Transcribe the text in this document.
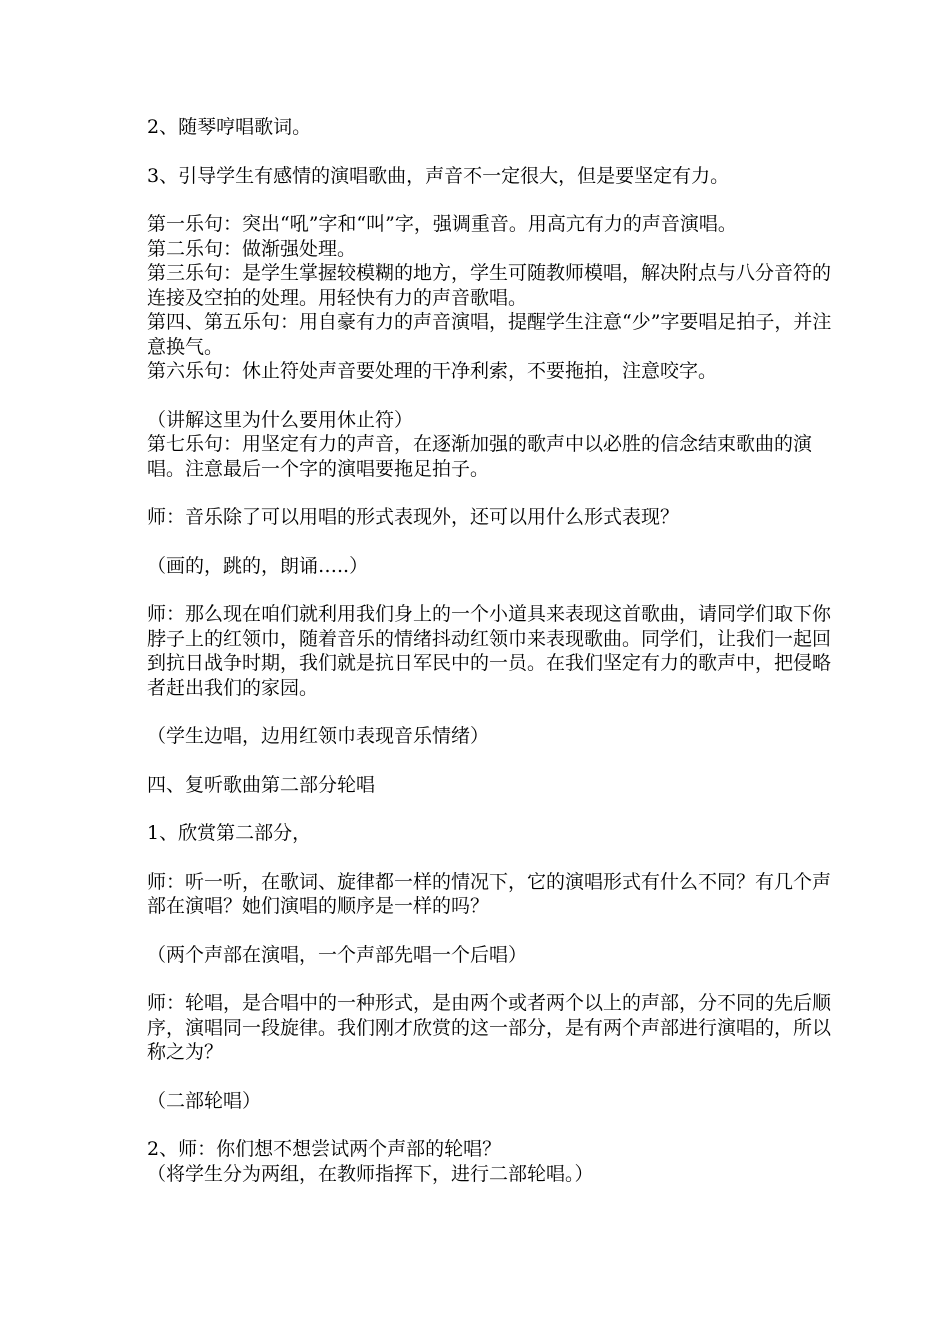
2、随琴哼唱歌词。

3、引导学生有感情的演唱歌曲，声音不一定很大，但是要坚定有力。

第一乐句：突出“吼”字和“叫”字，强调重音。用高亢有力的声音演唱。

第二乐句：做渐强处理。

第三乐句：是学生掌握较模糊的地方，学生可随教师模唱，解决附点与八分音符的连接及空拍的处理。用轻快有力的声音歌唱。

第四、第五乐句：用自豪有力的声音演唱，提醒学生注意“少”字要唱足拍子，并注意换气。

第六乐句：休止符处声音要处理的干净利索，不要拖拍，注意咬字。

（讲解这里为什么要用休止符）

第七乐句：用坚定有力的声音，在逐渐加强的歌声中以必胜的信念结束歌曲的演唱。注意最后一个字的演唱要拖足拍子。

师：音乐除了可以用唱的形式表现外，还可以用什么形式表现？

（画的，跳的，朗诵…..）

师：那么现在咱们就利用我们身上的一个小道具来表现这首歌曲，请同学们取下你脖子上的红领巾，随着音乐的情绪抖动红领巾来表现歌曲。同学们，让我们一起回到抗日战争时期，我们就是抗日军民中的一员。在我们坚定有力的歌声中，把侵略者赶出我们的家园。

（学生边唱，边用红领巾表现音乐情绪）

四、复听歌曲第二部分轮唱

1、欣赏第二部分，

师：听一听，在歌词、旋律都一样的情况下，它的演唱形式有什么不同？有几个声部在演唱？她们演唱的顺序是一样的吗？

（两个声部在演唱，一个声部先唱一个后唱）

师：轮唱，是合唱中的一种形式，是由两个或者两个以上的声部，分不同的先后顺序，演唱同一段旋律。我们刚才欣赏的这一部分，是有两个声部进行演唱的，所以称之为？

（二部轮唱）

2、师：你们想不想尝试两个声部的轮唱？

（将学生分为两组，在教师指挥下，进行二部轮唱。）
